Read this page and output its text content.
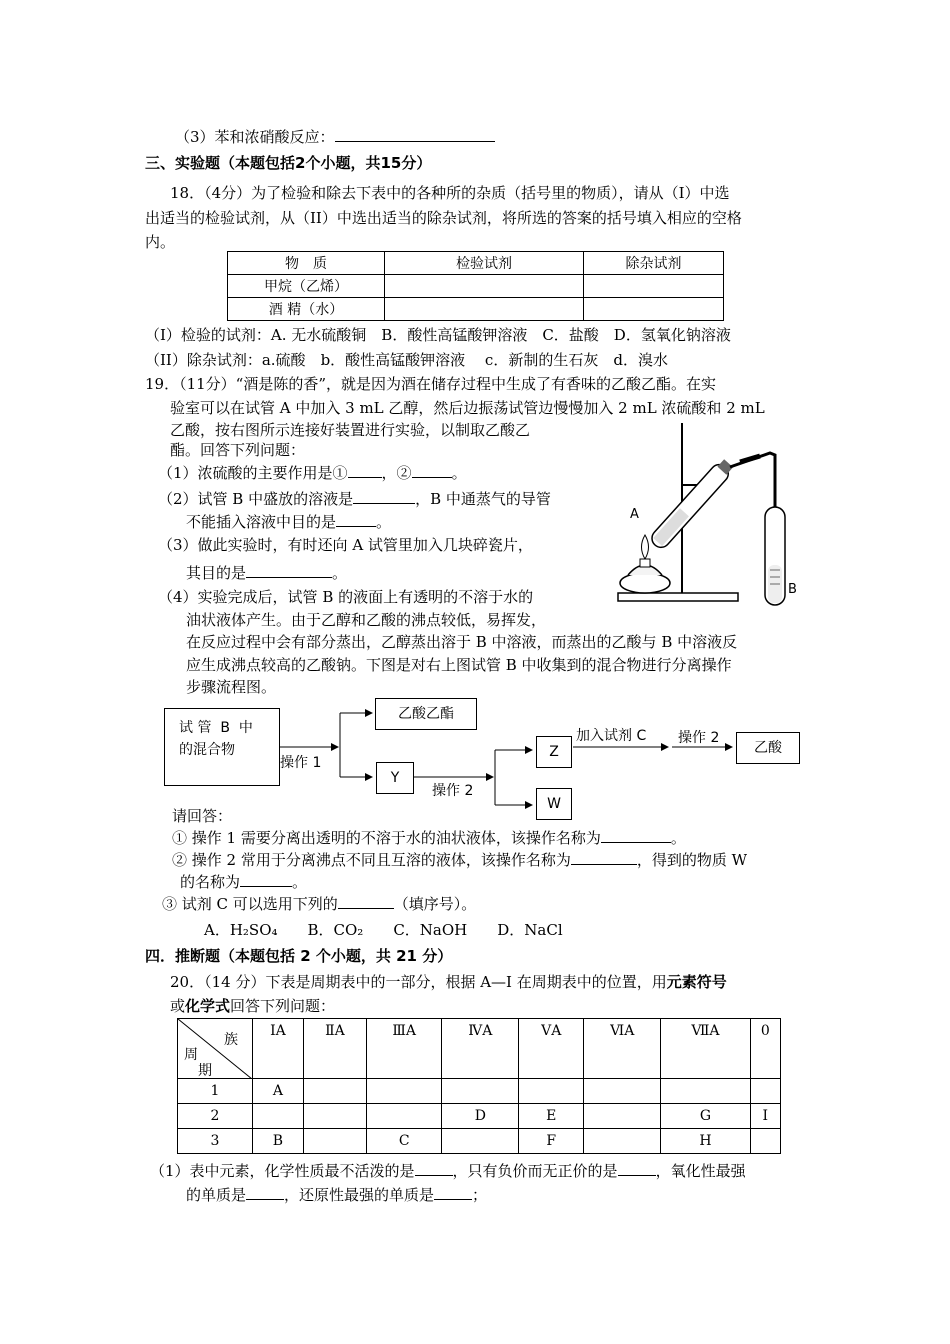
（3）苯和浓硝酸反应：
三、实验题（本题包括2个小题，共15分）
18．（4分）为了检验和除去下表中的各种所的杂质（括号里的物质），请从（I）中选
出适当的检验试剂，从（II）中选出适当的除杂试剂，将所选的答案的括号填入相应的空格
内。
物　质	检验试剂	除杂试剂
甲烷（乙烯）		
酒 精（水）		
（I）检验的试剂：A. 无水硫酸铜　B．酸性高锰酸钾溶液　C．盐酸　D．氢氧化钠溶液
（II）除杂试剂：a.硫酸　b．酸性高锰酸钾溶液　 c．新制的生石灰　d．溴水
19．（11分）“酒是陈的香”，就是因为酒在储存过程中生成了有香味的乙酸乙酯。在实
验室可以在试管 A 中加入 3 mL 乙醇，然后边振荡试管边慢慢加入 2 mL 浓硫酸和 2 mL
乙酸，按右图所示连接好装置进行实验，以制取乙酸乙
酯。回答下列问题：
（1）浓硫酸的主要作用是① ，②	。
（2）试管 B 中盛放的溶液是	，B 中通蒸气的导管
不能插入溶液中目的是	。
（3）做此实验时，有时还向 A 试管里加入几块碎瓷片，
其目的是	。
（4）实验完成后，试管 B 的液面上有透明的不溶于水的
油状液体产生。由于乙醇和乙酸的沸点较低，易挥发，
在反应过程中会有部分蒸出，乙醇蒸出溶于 B 中溶液，而蒸出的乙酸与 B 中溶液反
应生成沸点较高的乙酸钠。下图是对右上图试管 B 中收集到的混合物进行分离操作
步骤流程图。
A
B
试 管  B  中
的混合物
乙酸乙酯
操作 1
Y
操作 2
Z
W
加入试剂 C 操作 2
乙酸
请回答：
① 操作 1 需要分离出透明的不溶于水的油状液体，该操作名称为	。
② 操作 2 常用于分离沸点不同且互溶的液体，该操作名称为	，得到的物质 W
的名称为	。
③ 试剂 C 可以选用下列的	（填序号）。
A．H₂SO₄　　B．CO₂　　C．NaOH　　D．NaCl
四．推断题（本题包括 2 个小题，共 21 分）
20．（14 分）下表是周期表中的一部分，根据 A—I 在周期表中的位置，用元素符号
或化学式回答下列问题：
族
周
　期	ⅠA	ⅡA	ⅢA	ⅣA	ⅤA	ⅥA	ⅦA	0
1	A							
2				D	E		G	I
3	B		C		F		H	
（1）表中元素，化学性质最不活泼的是	，只有负价而无正价的是	，氧化性最强
的单质是	，还原性最强的单质是	；
